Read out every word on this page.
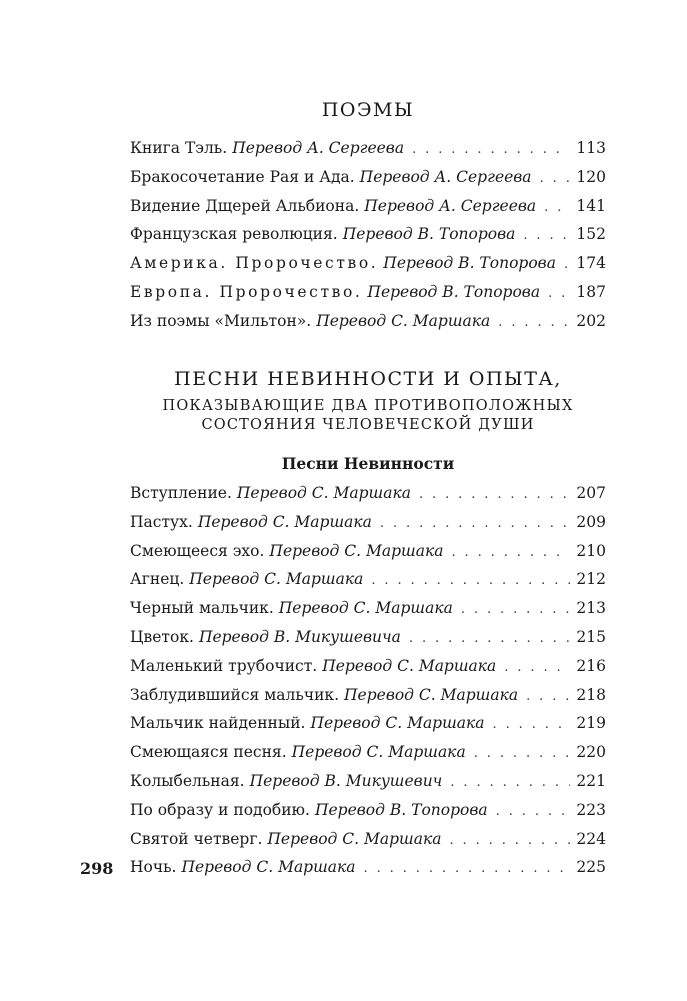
ПОЭМЫ
Книга Тэль. Перевод А. Сергеева . . .	113
Бракосочетание Рая и Ада. Перевод А. Сергеева . . .	120
Видение Дщерей Альбиона. Перевод А. Сергеева . . .	141
Французская революция. Перевод В. Топорова . . .	152
Америка. Пророчество. Перевод В. Топорова . . . 174
Европа. Пророчество. Перевод В. Топорова . . . 187
Из поэмы «Мильтон». Перевод С. Маршака . . .	202
ПЕСНИ НЕВИННОСТИ И ОПЫТА,
ПОКАЗЫВАЮЩИЕ ДВА ПРОТИВОПОЛОЖНЫХ
СОСТОЯНИЯ ЧЕЛОВЕЧЕСКОЙ ДУШИ
Песни Невинности
Вступление. Перевод С. Маршака . . .	207
Пастух. Перевод С. Маршака . . .	209
Смеющееся эхо. Перевод С. Маршака . . .	210
Агнец. Перевод С. Маршака . . .	212
Черный мальчик. Перевод С. Маршака . . .	213
Цветок. Перевод В. Микушевича . . .	215
Маленький трубочист. Перевод С. Маршака . . .	216
Заблудившийся мальчик. Перевод С. Маршака . . .	218
Мальчик найденный. Перевод С. Маршака . . .	219
Смеющаяся песня. Перевод С. Маршака . . .	220
Колыбельная. Перевод В. Микушевич . . .	221
По образу и подобию. Перевод В. Топорова . . .	223
Святой четверг. Перевод С. Маршака . . .	224
Ночь. Перевод С. Маршака . . .	225
298
